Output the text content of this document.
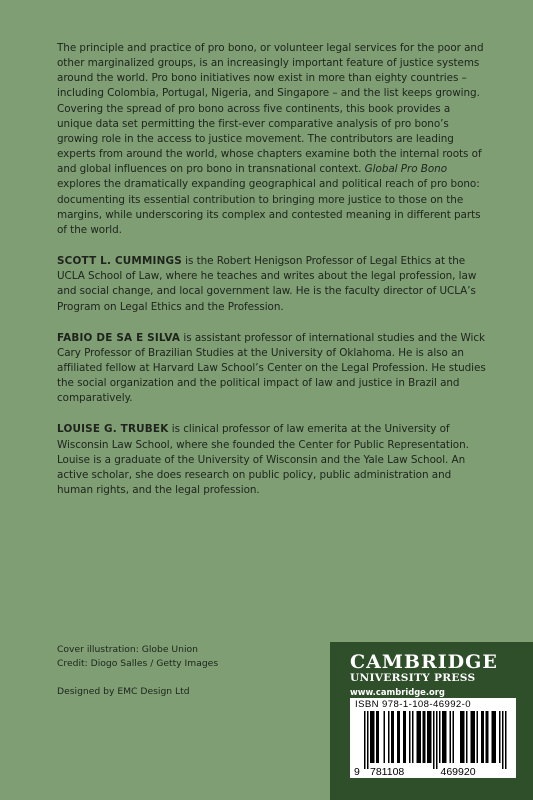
The principle and practice of pro bono, or volunteer legal services for the poor and other marginalized groups, is an increasingly important feature of justice systems around the world. Pro bono initiatives now exist in more than eighty countries – including Colombia, Portugal, Nigeria, and Singapore – and the list keeps growing. Covering the spread of pro bono across five continents, this book provides a unique data set permitting the first-ever comparative analysis of pro bono’s growing role in the access to justice movement. The contributors are leading experts from around the world, whose chapters examine both the internal roots of and global influences on pro bono in transnational context. Global Pro Bono explores the dramatically expanding geographical and political reach of pro bono: documenting its essential contribution to bringing more justice to those on the margins, while underscoring its complex and contested meaning in different parts of the world.

SCOTT L. CUMMINGS is the Robert Henigson Professor of Legal Ethics at the UCLA School of Law, where he teaches and writes about the legal profession, law and social change, and local government law. He is the faculty director of UCLA’s Program on Legal Ethics and the Profession.

FABIO DE SA E SILVA is assistant professor of international studies and the Wick Cary Professor of Brazilian Studies at the University of Oklahoma. He is also an affiliated fellow at Harvard Law School’s Center on the Legal Profession. He studies the social organization and the political impact of law and justice in Brazil and comparatively.

LOUISE G. TRUBEK is clinical professor of law emerita at the University of Wisconsin Law School, where she founded the Center for Public Representation. Louise is a graduate of the University of Wisconsin and the Yale Law School. An active scholar, she does research on public policy, public administration and human rights, and the legal profession.

Cover illustration: Globe Union
Credit: Diogo Salles / Getty Images
Designed by EMC Design Ltd
CAMBRIDGE
UNIVERSITY PRESS
www.cambridge.org
ISBN 978-1-108-46992-0
9 781108	469920
